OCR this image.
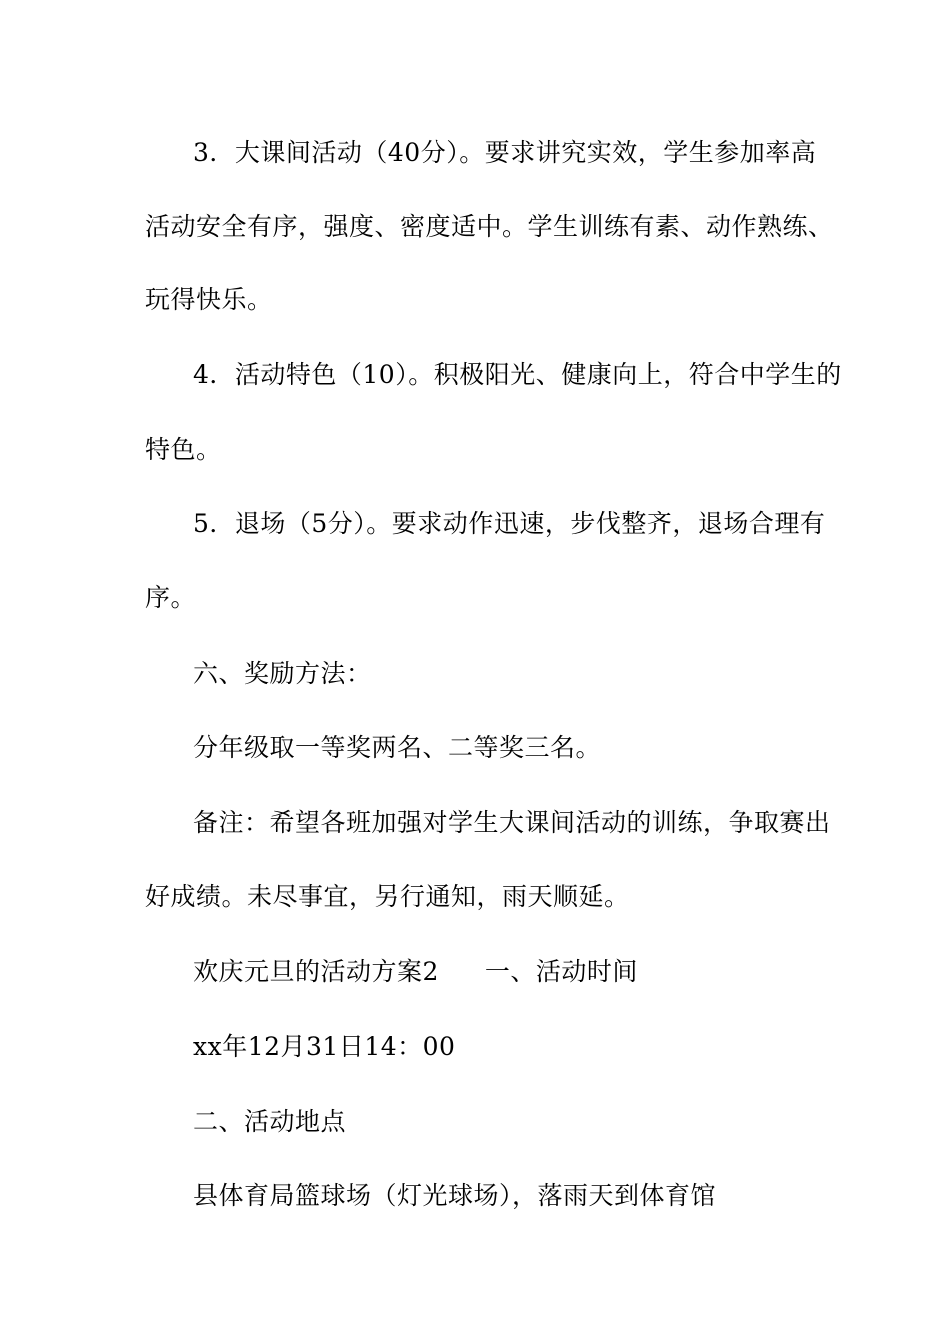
3．大课间活动（40分）。要求讲究实效，学生参加率高
活动安全有序，强度、密度适中。学生训练有素、动作熟练、
玩得快乐。
4．活动特色（10）。积极阳光、健康向上，符合中学生的
特色。
5．退场（5分）。要求动作迅速，步伐整齐，退场合理有
序。
六、奖励方法：
分年级取一等奖两名、二等奖三名。
备注：希望各班加强对学生大课间活动的训练，争取赛出
好成绩。未尽事宜，另行通知，雨天顺延。
欢庆元旦的活动方案2 一、活动时间
xx年12月31日14：00
二、活动地点
县体育局篮球场（灯光球场），落雨天到体育馆
